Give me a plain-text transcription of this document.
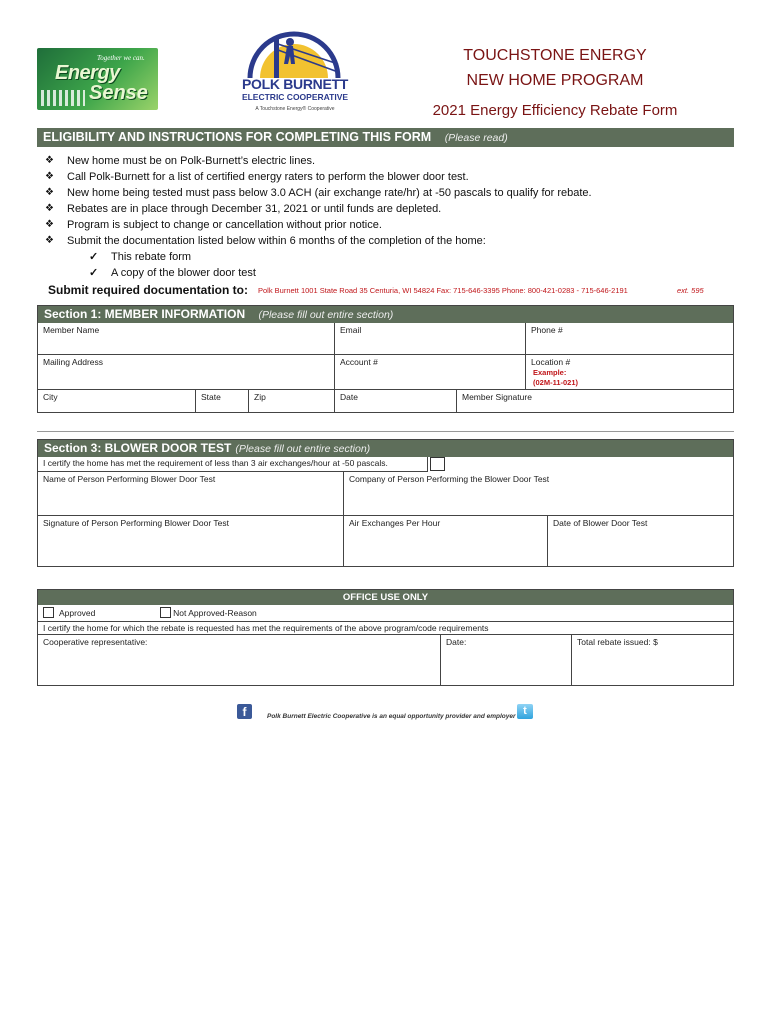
Together we can.
Energy
Sense	POLK BURNETT
ELECTRIC COOPERATIVE
A Touchstone Energy® Cooperative
TOUCHSTONE ENERGY
NEW HOME PROGRAM
2021 Energy Efficiency Rebate Form
ELIGIBILITY AND INSTRUCTIONS FOR COMPLETING THIS FORM (Please read)
❖ New home must be on Polk-Burnett’s electric lines.
❖ Call Polk-Burnett for a list of certified energy raters to perform the blower door test.
❖ New home being tested must pass below 3.0 ACH (air exchange rate/hr) at -50 pascals to qualify for rebate.
❖ Rebates are in place through December 31, 2021 or until funds are depleted.
❖ Program is subject to change or cancellation without prior notice.
❖ Submit the documentation listed below within 6 months of the completion of the home:
✓ This rebate form
✓ A copy of the blower door test
Submit required documentation to: Polk Burnett 1001 State Road 35 Centuria, WI 54824 Fax: 715-646-3395 Phone: 800-421-0283 - 715-646-2191	ext. 595
Section 1: MEMBER INFORMATION (Please fill out entire section)
Member Name	Email	Phone #
Mailing Address	Account #	Location #
Example:
(02M-11-021)
City	State	Zip	Date	Member Signature
Section 3: BLOWER DOOR TEST (Please fill out entire section)
I certify the home has met the requirement of less than 3 air exchanges/hour at -50 pascals.
Name of Person Performing Blower Door Test	Company of Person Performing the Blower Door Test
Signature of Person Performing Blower Door Test	Air Exchanges Per Hour	Date of Blower Door Test
OFFICE USE ONLY
Approved	Not Approved-Reason
I certify the home for which the rebate is requested has met the requirements of the above program/code requirements
Cooperative representative:	Date:	Total rebate issued: $
f	Polk Burnett Electric Cooperative is an equal opportunity provider and employer t
